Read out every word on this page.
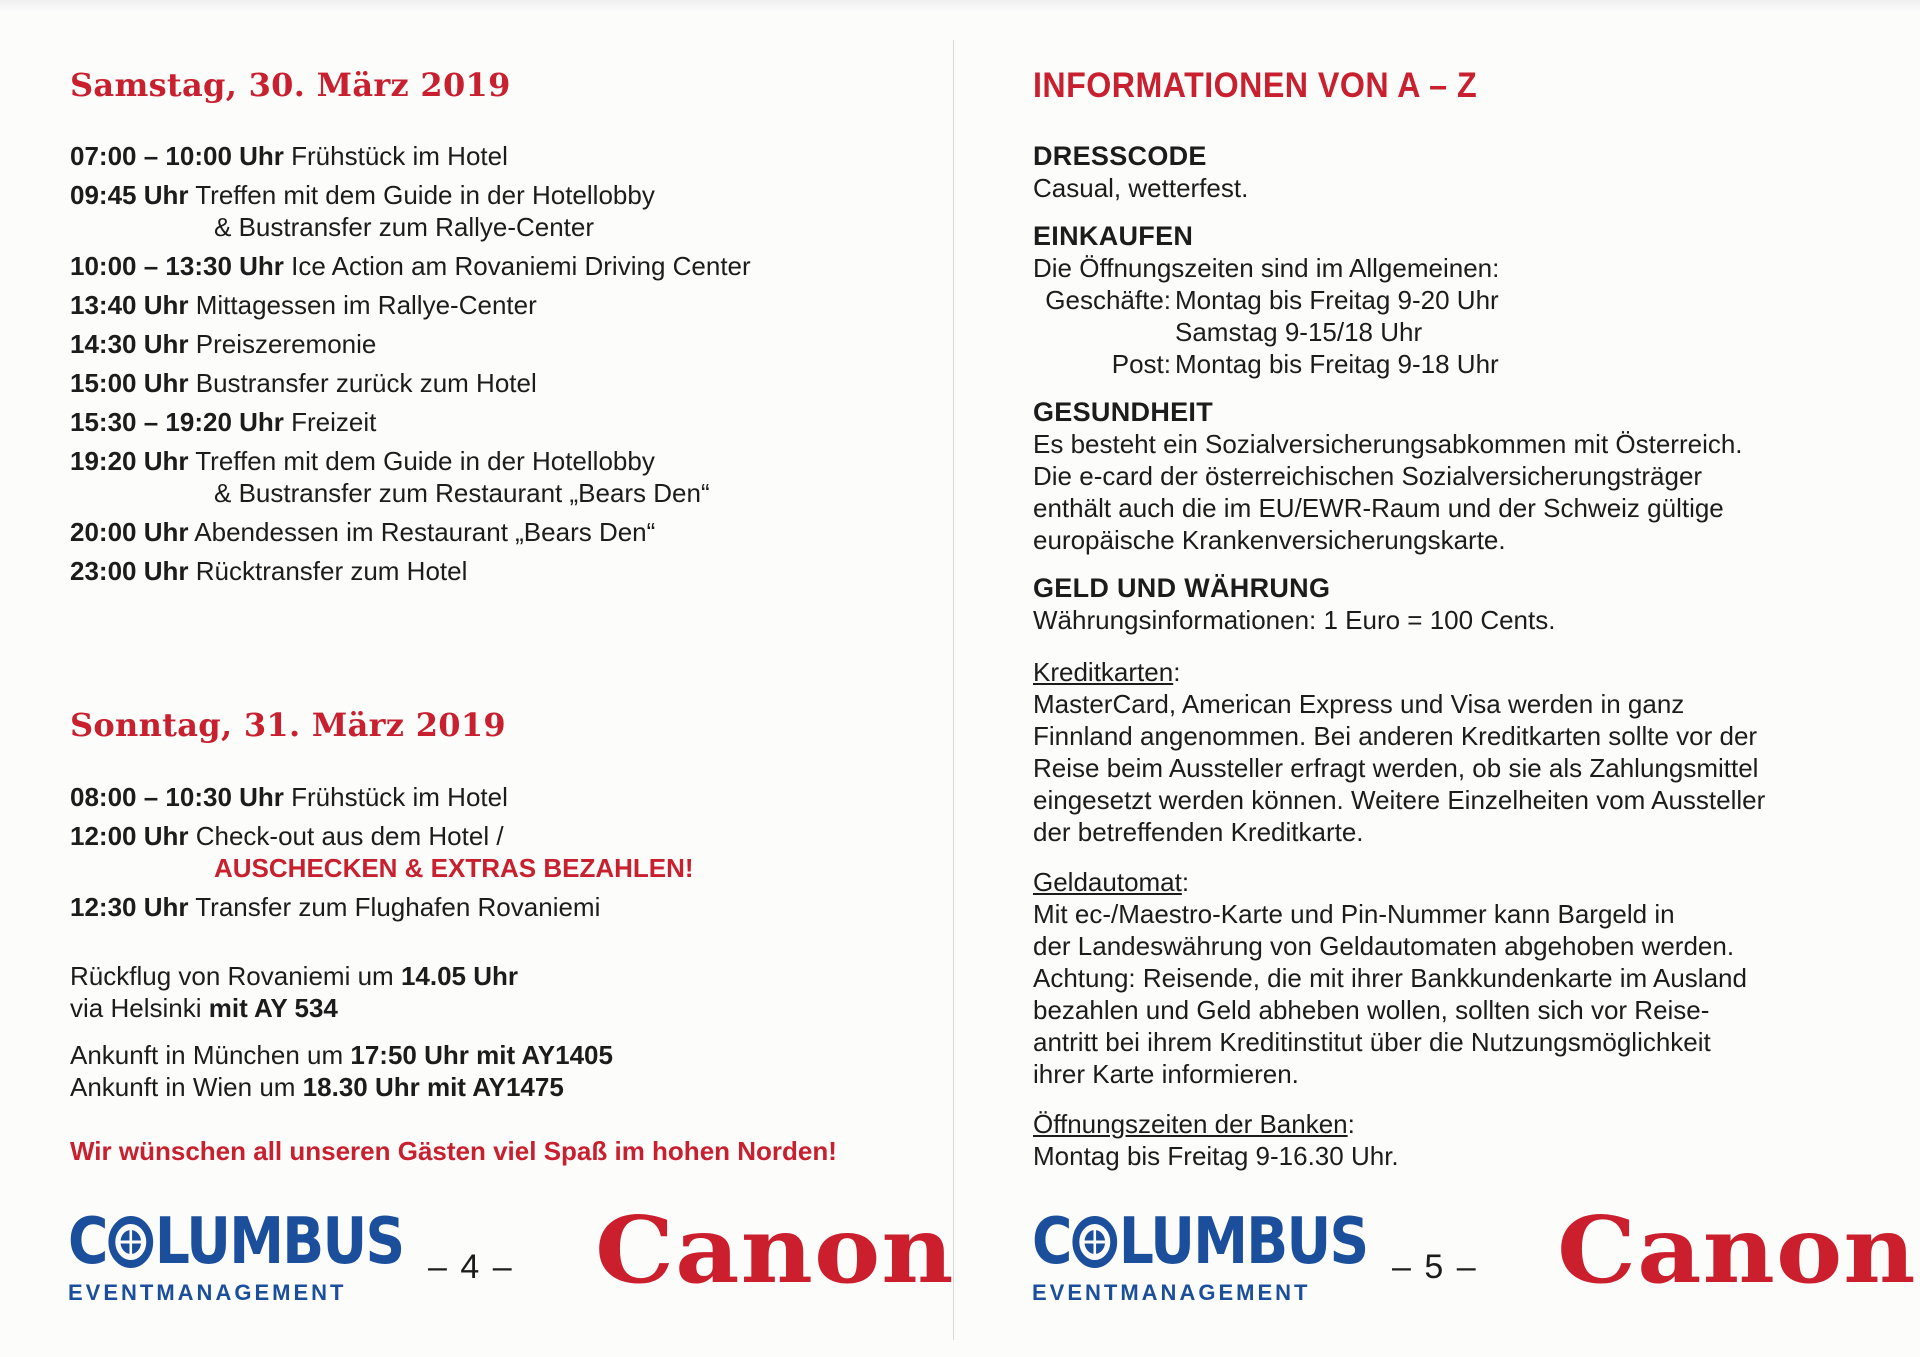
Samstag, 30. März 2019
07:00 – 10:00 Uhr Frühstück im Hotel
09:45 Uhr Treffen mit dem Guide in der Hotellobby
& Bustransfer zum Rallye-Center
10:00 – 13:30 Uhr Ice Action am Rovaniemi Driving Center
13:40 Uhr Mittagessen im Rallye-Center
14:30 Uhr Preiszeremonie
15:00 Uhr Bustransfer zurück zum Hotel
15:30 – 19:20 Uhr Freizeit
19:20 Uhr Treffen mit dem Guide in der Hotellobby
& Bustransfer zum Restaurant „Bears Den“
20:00 Uhr Abendessen im Restaurant „Bears Den“
23:00 Uhr Rücktransfer zum Hotel
Sonntag, 31. März 2019
08:00 – 10:30 Uhr Frühstück im Hotel
12:00 Uhr Check-out aus dem Hotel /
AUSCHECKEN & EXTRAS BEZAHLEN!
12:30 Uhr Transfer zum Flughafen Rovaniemi
Rückflug von Rovaniemi um 14.05 Uhr
via Helsinki mit AY 534
Ankunft in München um 17:50 Uhr mit AY1405
Ankunft in Wien um 18.30 Uhr mit AY1475
Wir wünschen all unseren Gästen viel Spaß im hohen Norden!
C LUMBUS
EVENTMANAGEMENT
– 4 – Canon
INFORMATIONEN VON A – Z
DRESSCODE

Casual, wetterfest.

EINKAUFEN

Die Öffnungszeiten sind im Allgemeinen:

Geschäfte: Montag bis Freitag 9-20 Uhr
Samstag 9-15/18 Uhr
Post: Montag bis Freitag 9-18 Uhr
GESUNDHEIT
Es besteht ein Sozialversicherungsabkommen mit Österreich.
Die e-card der österreichischen Sozialversicherungsträger
enthält auch die im EU/EWR-Raum und der Schweiz gültige
europäische Krankenversicherungskarte.
GELD UND WÄHRUNG

Währungsinformationen: 1 Euro = 100 Cents.

Kreditkarten:

MasterCard, American Express und Visa werden in ganz
Finnland angenommen. Bei anderen Kreditkarten sollte vor der
Reise beim Aussteller erfragt werden, ob sie als Zahlungsmittel
eingesetzt werden können. Weitere Einzelheiten vom Aussteller
der betreffenden Kreditkarte.

Geldautomat:

Mit ec-/Maestro-Karte und Pin-Nummer kann Bargeld in
der Landeswährung von Geldautomaten abgehoben werden.
Achtung: Reisende, die mit ihrer Bankkundenkarte im Ausland
bezahlen und Geld abheben wollen, sollten sich vor Reise-
antritt bei ihrem Kreditinstitut über die Nutzungsmöglichkeit
ihrer Karte informieren.

Öffnungszeiten der Banken:

Montag bis Freitag 9-16.30 Uhr.

C LUMBUS
EVENTMANAGEMENT
– 5 – Canon
